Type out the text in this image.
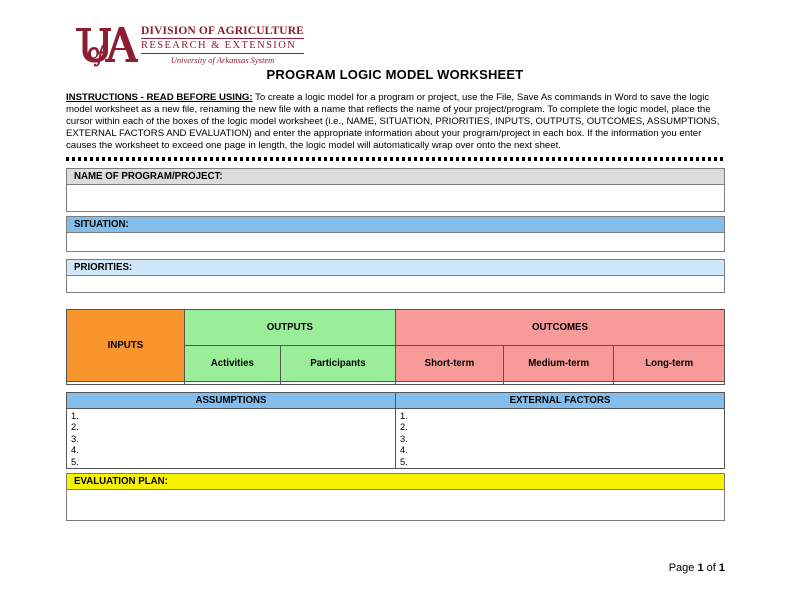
DIVISION OF AGRICULTURE
RESEARCH & EXTENSION
University of Arkansas System
PROGRAM LOGIC MODEL WORKSHEET
INSTRUCTIONS - READ BEFORE USING: To create a logic model for a program or project, use the File, Save As commands in Word to save the logic model worksheet as a new file, renaming the new file with a name that reflects the name of your project/program. To complete the logic model, place the cursor within each of the boxes of the logic model worksheet (i.e., NAME, SITUATION, PRIORITIES, INPUTS, OUTPUTS, OUTCOMES, ASSUMPTIONS, EXTERNAL FACTORS AND EVALUATION) and enter the appropriate information about your program/project in each box. If the information you enter causes the worksheet to exceed one page in length, the logic model will automatically wrap over onto the next sheet.
NAME OF PROGRAM/PROJECT:
SITUATION:
PRIORITIES:
INPUTS	OUTPUTS		OUTCOMES		
	Activities	Participants	Short-term	Medium-term	Long-term

ASSUMPTIONS	EXTERNAL FACTORS

1.
2.
3.
4.
5.

1.
2.
3.
4.
5.
EVALUATION PLAN:
Page 1 of 1
